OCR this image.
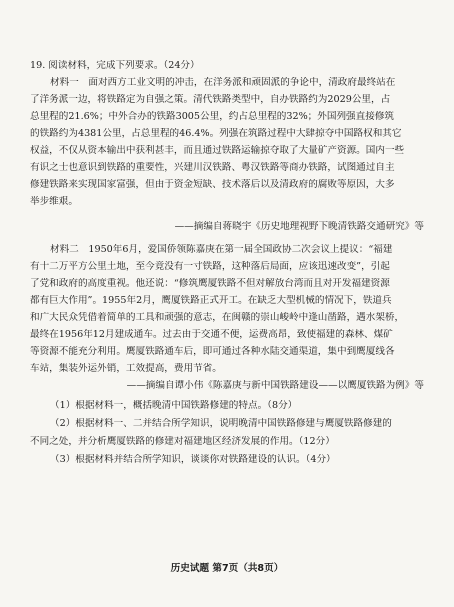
19. 阅读材料，完成下列要求。（24分）
材料一　面对西方工业文明的冲击，在洋务派和顽固派的争论中，清政府最终站在
了洋务派一边，将铁路定为自强之策。清代铁路类型中，自办铁路约为2029公里，占
总里程的21.6%；中外合办的铁路3005公里，约占总里程的32%；外国列强直接修筑
的铁路约为4381公里，占总里程的46.4%。列强在筑路过程中大肆掠夺中国路权和其它
权益，不仅从资本输出中获利甚丰，而且通过铁路运输掠夺取了大量矿产资源。国内一些
有识之士也意识到铁路的重要性，兴建川汉铁路、粤汉铁路等商办铁路，试图通过自主
修建铁路来实现国家富强，但由于资金短缺、技术落后以及清政府的腐败等原因，大多
举步维艰。
——摘编自蒋晓宇《历史地理视野下晚清铁路交通研究》等
材料二　1950年6月，爱国侨领陈嘉庚在第一届全国政协二次会议上提议：“福建
有十二万平方公里土地，至今竟没有一寸铁路，这种落后局面，应该迅速改变”，引起
了党和政府的高度重视。他还说：“修筑鹰厦铁路不但对解放台湾而且对开发福建资源
都有巨大作用”。1955年2月，鹰厦铁路正式开工。在缺乏大型机械的情况下，铁道兵
和广大民众凭借着简单的工具和顽强的意志，在闽赣的崇山峻岭中逢山凿路，遇水架桥，
最终在1956年12月建成通车。过去由于交通不便，运费高昂，致使福建的森林、煤矿
等资源不能充分利用。鹰厦铁路通车后，即可通过各种水陆交通渠道，集中到鹰厦线各
车站，集装外运外销，工效提高，费用节省。
——摘编自谭小伟《陈嘉庚与新中国铁路建设——以鹰厦铁路为例》等
（1）根据材料一，概括晚清中国铁路修建的特点。（8分）
（2）根据材料一、二并结合所学知识，说明晚清中国铁路修建与鹰厦铁路修建的
不同之处，并分析鹰厦铁路的修建对福建地区经济发展的作用。（12分）
（3）根据材料并结合所学知识，谈谈你对铁路建设的认识。（4分）
历史试题 第7页（共8页）
